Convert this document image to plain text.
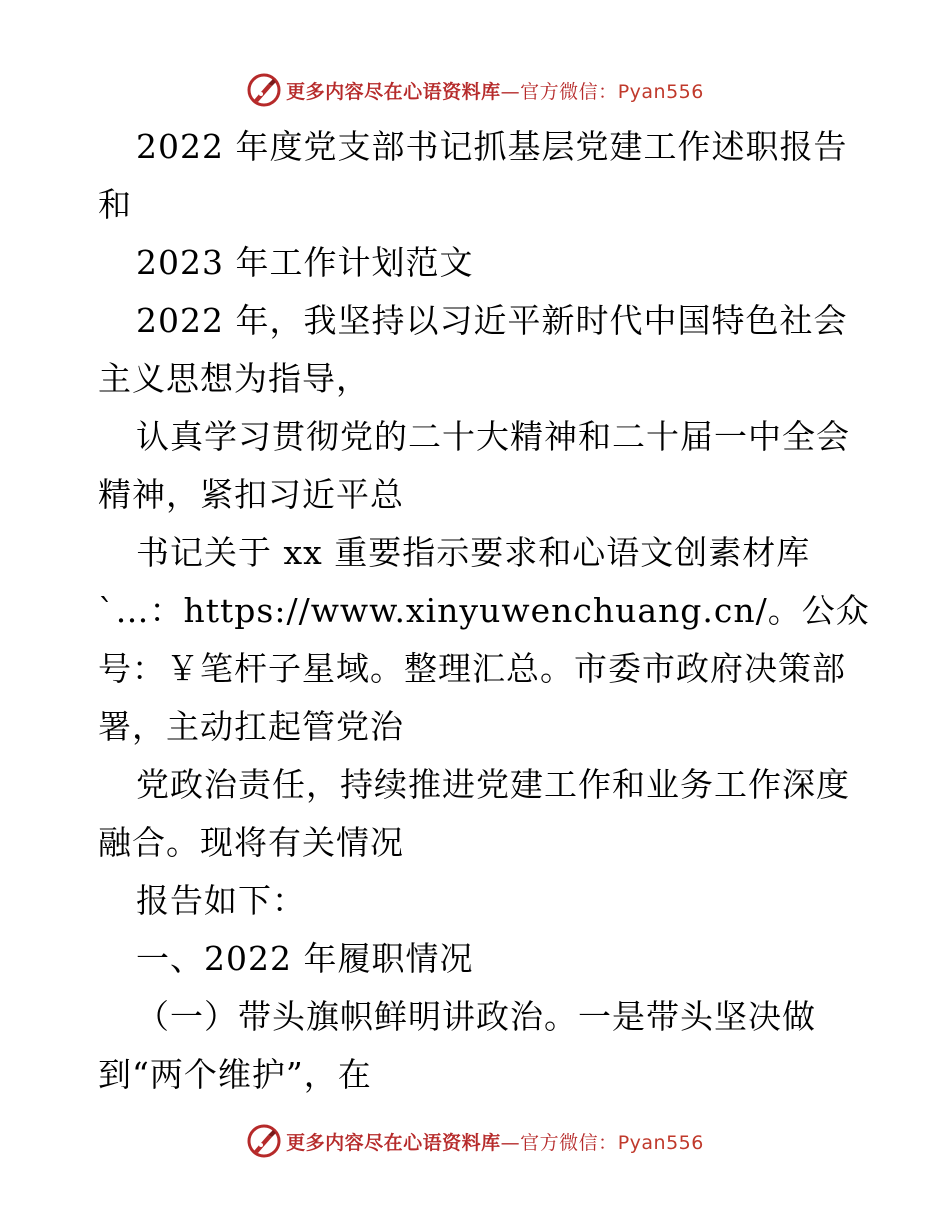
更多内容尽在心语资料库—官方微信：Pyan556
2022 年度党支部书记抓基层党建工作述职报告
和
2023 年工作计划范文
2022 年，我坚持以习近平新时代中国特色社会
主义思想为指导，
认真学习贯彻党的二十大精神和二十届一中全会
精神，紧扣习近平总
书记关于 xx 重要指示要求和心语文创素材库
`…：https://www.xinyuwenchuang.cn/。公众
号：￥笔杆子星域。整理汇总。市委市政府决策部
署，主动扛起管党治
党政治责任，持续推进党建工作和业务工作深度
融合。现将有关情况
报告如下：
一、2022 年履职情况
（一）带头旗帜鲜明讲政治。一是带头坚决做
到“两个维护”，在
更多内容尽在心语资料库—官方微信：Pyan556
